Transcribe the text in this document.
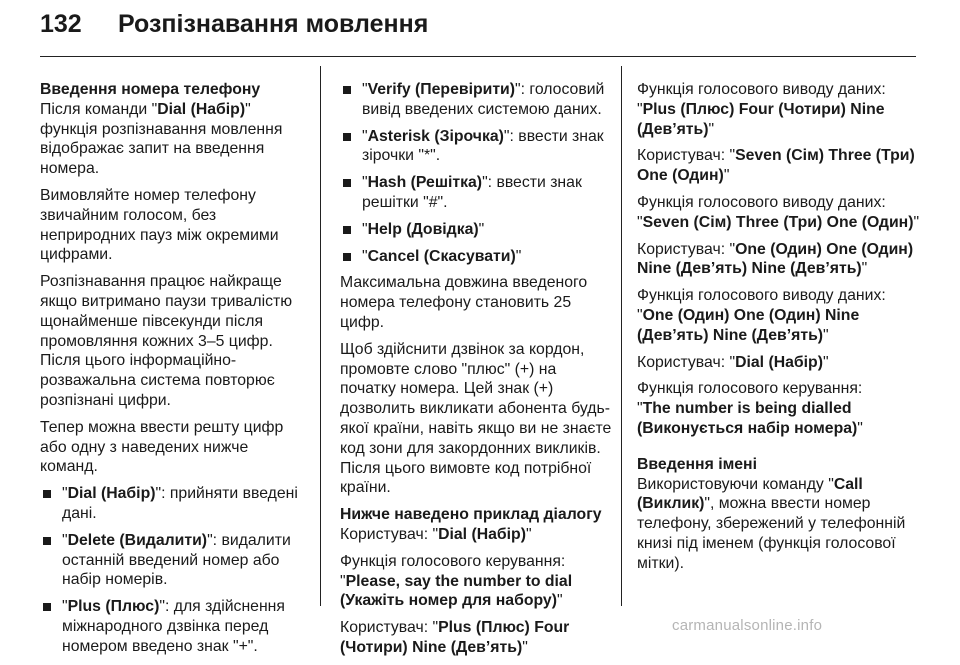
132 Розпізнавання мовлення
Введення номера телефону

Після команди "Dial (Набір)" функція розпізнавання мовлення відображає запит на введення номера.

Вимовляйте номер телефону звичайним голосом, без неприродних пауз між окремими цифрами.

Розпізнавання працює найкраще якщо витримано паузи тривалістю щонайменше півсекунди після промовляння кожних 3–5 цифр. Після цього інформаційно-розважальна система повторює розпізнані цифри.

Тепер можна ввести решту цифр або одну з наведених нижче команд.

"Dial (Набір)": прийняти введені дані.
"Delete (Видалити)": видалити останній введений номер або набір номерів.
"Plus (Плюс)": для здійснення міжнародного дзвінка перед номером введено знак "+".
"Verify (Перевірити)": голосовий вивід введених системою даних.
"Asterisk (Зірочка)": ввести знак зірочки "*".
"Hash (Решітка)": ввести знак решітки "#".
"Help (Довідка)"
"Cancel (Скасувати)"

Максимальна довжина введеного номера телефону становить 25 цифр.

Щоб здійснити дзвінок за кордон, промовте слово "плюс" (+) на початку номера. Цей знак (+) дозволить викликати абонента будь-якої країни, навіть якщо ви не знаєте код зони для закордонних викликів. Після цього вимовте код потрібної країни.

Нижче наведено приклад діалогу

Користувач: "Dial (Набір)"

Функція голосового керування:
"Please, say the number to dial (Укажіть номер для набору)"

Користувач: "Plus (Плюс) Four (Чотири) Nine (Дев’ять)"

Функція голосового виводу даних:
"Plus (Плюс) Four (Чотири) Nine (Дев’ять)"

Користувач: "Seven (Сім) Three (Три) One (Один)"

Функція голосового виводу даних:
"Seven (Сім) Three (Три) One (Один)"

Користувач: "One (Один) One (Один) Nine (Дев’ять) Nine (Дев’ять)"

Функція голосового виводу даних:
"One (Один) One (Один) Nine (Дев’ять) Nine (Дев’ять)"

Користувач: "Dial (Набір)"

Функція голосового керування:
"The number is being dialled (Виконується набір номера)"

Введення імені

Використовуючи команду "Call (Виклик)", можна ввести номер телефону, збережений у телефонній книзі під іменем (функція голосової мітки).

carmanualsonline.info
